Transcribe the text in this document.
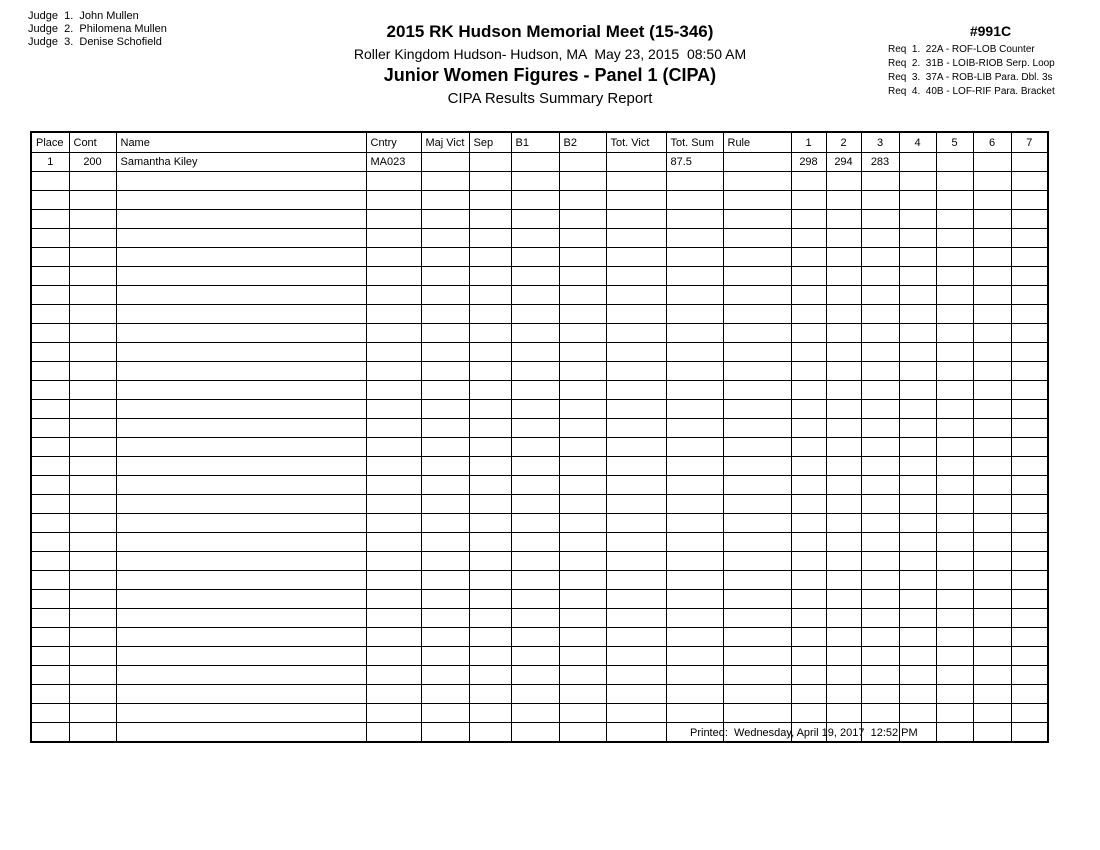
Judge  1.  John Mullen
Judge  2.  Philomena Mullen
Judge  3.  Denise Schofield
2015 RK Hudson Memorial Meet (15-346)
Roller Kingdom Hudson- Hudson, MA  May 23, 2015  08:50 AM
Junior Women Figures - Panel 1 (CIPA)
CIPA Results Summary Report
#991C
Req  1.  22A - ROF-LOB Counter
Req  2.  31B - LOIB-RIOB Serp. Loop
Req  3.  37A - ROB-LIB Para. Dbl. 3s
Req  4.  40B - LOF-RIF Para. Bracket
Place	Cont	Name	Cntry	Maj Vict	Sep	B1	B2	Tot. Vict	Tot. Sum	Rule	1	2	3	4	5	6	7
1	200	Samantha Kiley	MA023						87.5		298	294	283				

Printed:  Wednesday, April 19, 2017  12:52 PM
